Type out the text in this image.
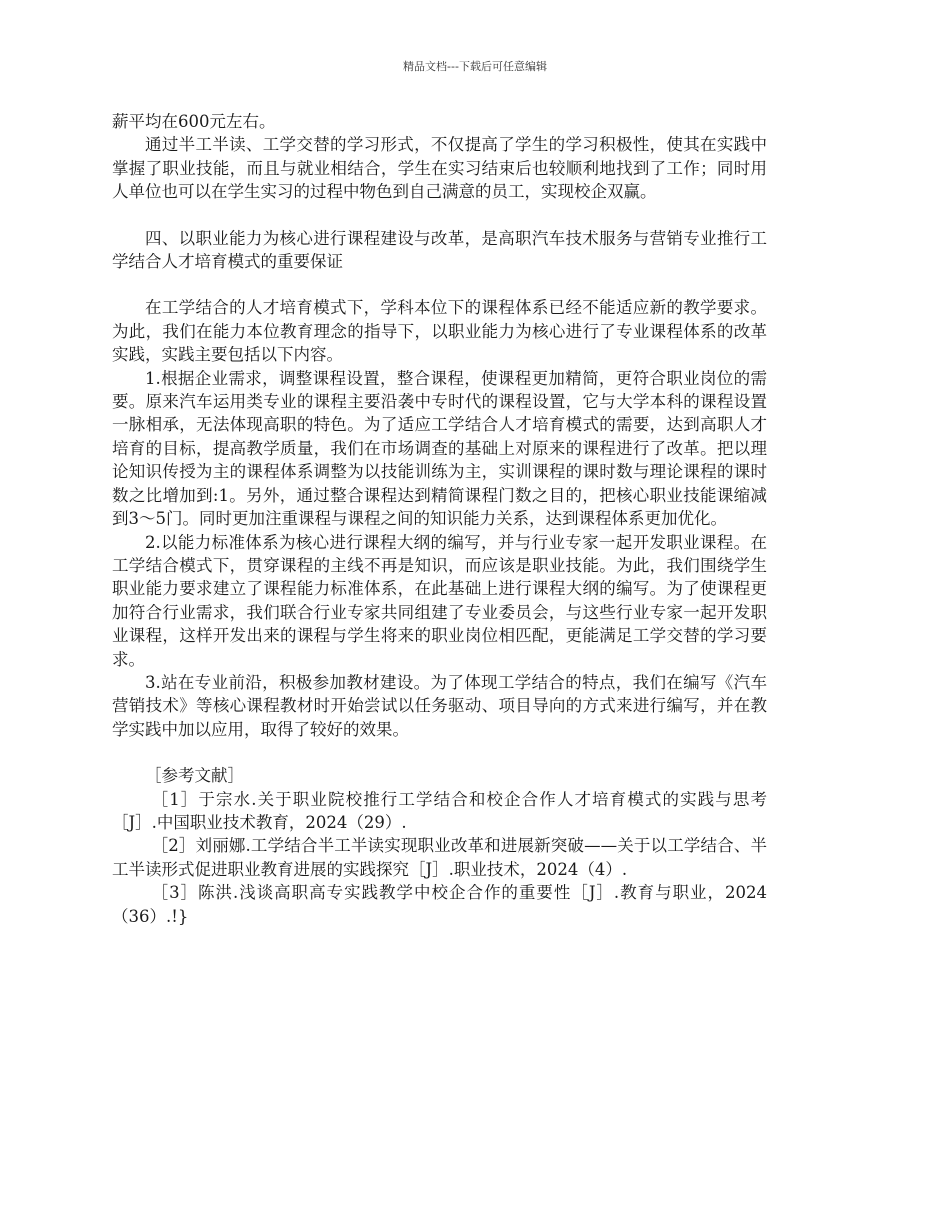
精品文档---下载后可任意编辑

薪平均在600元左右。

通过半工半读、工学交替的学习形式，不仅提高了学生的学习积极性，使其在实践中掌握了职业技能，而且与就业相结合，学生在实习结束后也较顺利地找到了工作；同时用人单位也可以在学生实习的过程中物色到自己满意的员工，实现校企双赢。

四、以职业能力为核心进行课程建设与改革，是高职汽车技术服务与营销专业推行工学结合人才培育模式的重要保证

在工学结合的人才培育模式下，学科本位下的课程体系已经不能适应新的教学要求。为此，我们在能力本位教育理念的指导下，以职业能力为核心进行了专业课程体系的改革实践，实践主要包括以下内容。

1.根据企业需求，调整课程设置，整合课程，使课程更加精简，更符合职业岗位的需要。原来汽车运用类专业的课程主要沿袭中专时代的课程设置，它与大学本科的课程设置一脉相承，无法体现高职的特色。为了适应工学结合人才培育模式的需要，达到高职人才培育的目标，提高教学质量，我们在市场调查的基础上对原来的课程进行了改革。把以理论知识传授为主的课程体系调整为以技能训练为主，实训课程的课时数与理论课程的课时数之比增加到:1。另外，通过整合课程达到精简课程门数之目的，把核心职业技能课缩减到3～5门。同时更加注重课程与课程之间的知识能力关系，达到课程体系更加优化。

2.以能力标准体系为核心进行课程大纲的编写，并与行业专家一起开发职业课程。在工学结合模式下，贯穿课程的主线不再是知识，而应该是职业技能。为此，我们围绕学生职业能力要求建立了课程能力标准体系，在此基础上进行课程大纲的编写。为了使课程更加符合行业需求，我们联合行业专家共同组建了专业委员会，与这些行业专家一起开发职业课程，这样开发出来的课程与学生将来的职业岗位相匹配，更能满足工学交替的学习要求。

3.站在专业前沿，积极参加教材建设。为了体现工学结合的特点，我们在编写《汽车营销技术》等核心课程教材时开始尝试以任务驱动、项目导向的方式来进行编写，并在教学实践中加以应用，取得了较好的效果。

［参考文献］

［1］于宗水.关于职业院校推行工学结合和校企合作人才培育模式的实践与思考［J］.中国职业技术教育，2024（29）.

［2］刘丽娜.工学结合半工半读实现职业改革和进展新突破——关于以工学结合、半工半读形式促进职业教育进展的实践探究［J］.职业技术，2024（4）.

［3］陈洪.浅谈高职高专实践教学中校企合作的重要性［J］.教育与职业，2024（36）.!}
